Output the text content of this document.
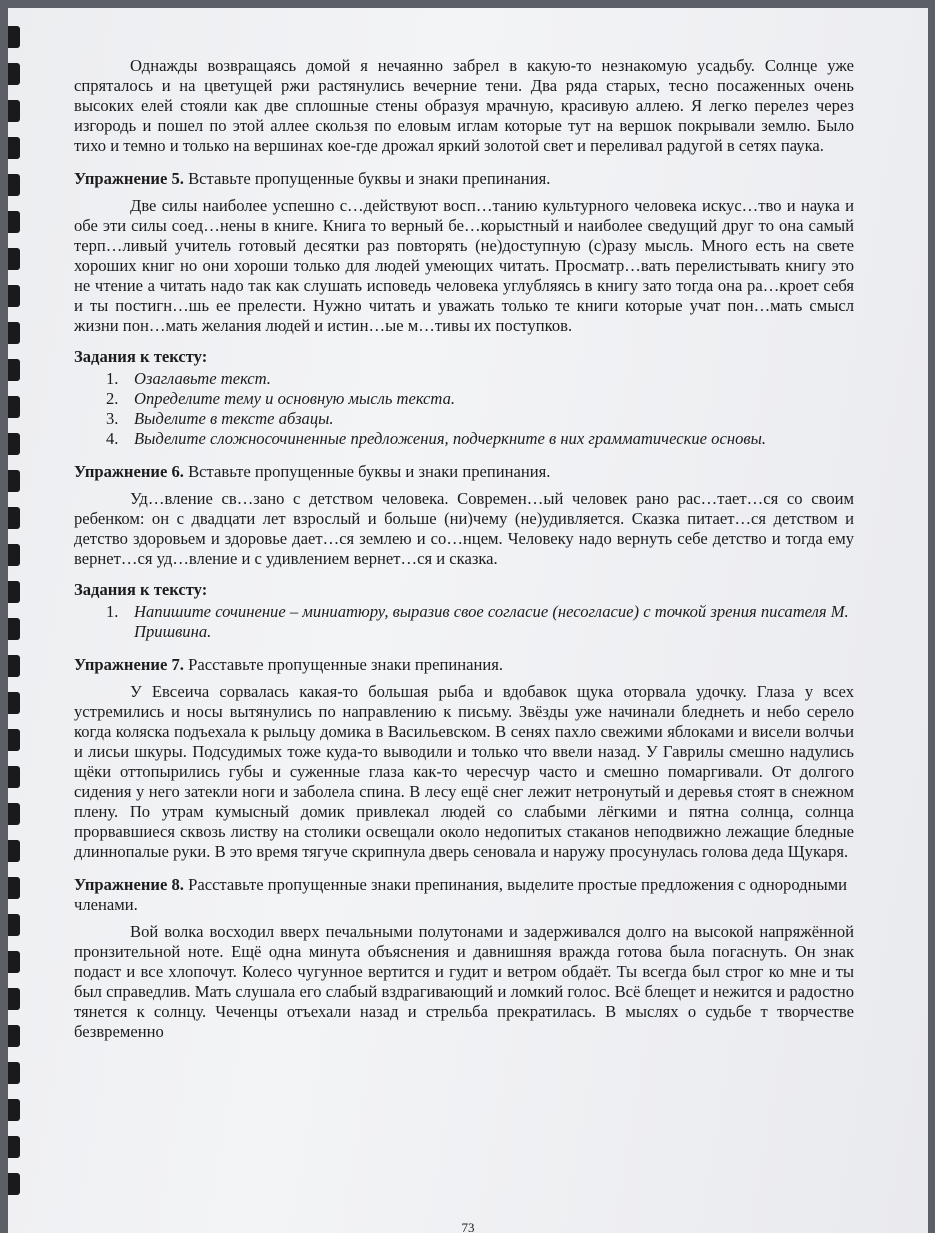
Однажды возвращаясь домой я нечаянно забрел в какую-то незнакомую усадьбу. Солнце уже спряталось и на цветущей ржи растянулись вечерние тени. Два ряда старых, тесно посаженных очень высоких елей стояли как две сплошные стены образуя мрачную, красивую аллею. Я легко перелез через изгородь и пошел по этой аллее скользя по еловым иглам которые тут на вершок покрывали землю. Было тихо и темно и только на вершинах кое-где дрожал яркий золотой свет и переливал радугой в сетях паука.

Упражнение 5. Вставьте пропущенные буквы и знаки препинания.

Две силы наиболее успешно с…действуют восп…танию культурного человека искус…тво и наука и обе эти силы соед…нены в книге. Книга то верный бе…корыстный и наиболее сведущий друг то она самый терп…ливый учитель готовый десятки раз повторять (не)доступную (с)разу мысль. Много есть на свете хороших книг но они хороши только для людей умеющих читать. Просматр…вать перелистывать книгу это не чтение а читать надо так как слушать исповедь человека углубляясь в книгу зато тогда она ра…кроет себя и ты постигн…шь ее прелести. Нужно читать и уважать только те книги которые учат пон…мать смысл жизни пон…мать желания людей и истин…ые м…тивы их поступков.

Задания к тексту:
1. Озаглавьте текст.
2. Определите тему и основную мысль текста.
3. Выделите в тексте абзацы.
4. Выделите сложносочиненные предложения, подчеркните в них грамматические основы.
Упражнение 6. Вставьте пропущенные буквы и знаки препинания.

Уд…вление св…зано с детством человека. Современ…ый человек рано рас…тает…ся со своим ребенком: он с двадцати лет взрослый и больше (ни)чему (не)удивляется. Сказка питает…ся детством и детство здоровьем и здоровье дает…ся землею и со…нцем. Человеку надо вернуть себе детство и тогда ему вернет…ся уд…вление и с удивлением вернет…ся и сказка.

Задания к тексту:
1. Напишите сочинение – миниатюру, выразив свое согласие (несогласие) с точкой зрения писателя М. Пришвина.
Упражнение 7. Расставьте пропущенные знаки препинания.

У Евсеича сорвалась какая-то большая рыба и вдобавок щука оторвала удочку. Глаза у всех устремились и носы вытянулись по направлению к письму. Звёзды уже начинали бледнеть и небо серело когда коляска подъехала к рыльцу домика в Васильевском. В сенях пахло свежими яблоками и висели волчьи и лисьи шкуры. Подсудимых тоже куда-то выводили и только что ввели назад. У Гаврилы смешно надулись щёки оттопырились губы и суженные глаза как-то чересчур часто и смешно помаргивали. От долгого сидения у него затекли ноги и заболела спина. В лесу ещё снег лежит нетронутый и деревья стоят в снежном плену. По утрам кумысный домик привлекал людей со слабыми лёгкими и пятна солнца, солнца прорвавшиеся сквозь листву на столики освещали около недопитых стаканов неподвижно лежащие бледные длиннопалые руки. В это время тягуче скрипнула дверь сеновала и наружу просунулась голова деда Щукаря.

Упражнение 8. Расставьте пропущенные знаки препинания, выделите простые предложения с однородными членами.

Вой волка восходил вверх печальными полутонами и задерживался долго на высокой напряжённой пронзительной ноте. Ещё одна минута объяснения и давнишняя вражда готова была погаснуть. Он знак подаст и все хлопочут. Колесо чугунное вертится и гудит и ветром обдаёт. Ты всегда был строг ко мне и ты был справедлив. Мать слушала его слабый вздрагивающий и ломкий голос. Всё блещет и нежится и радостно тянется к солнцу. Чеченцы отъехали назад и стрельба прекратилась. В мыслях о судьбе т творчестве безвременно

73
